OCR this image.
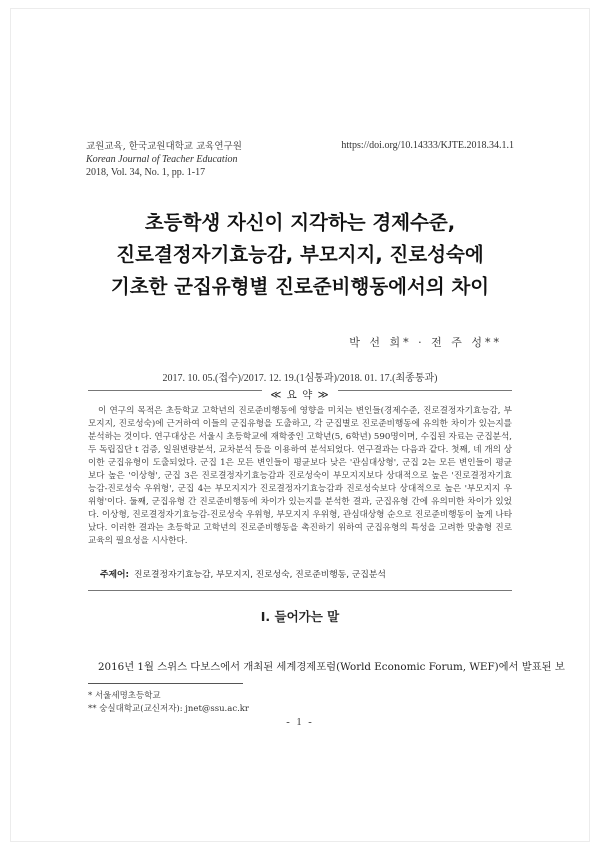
교원교육, 한국교원대학교 교육연구원
Korean Journal of Teacher Education
2018, Vol. 34, No. 1, pp. 1-17
https://doi.org/10.14333/KJTE.2018.34.1.1
초등학생 자신이 지각하는 경제수준,
진로결정자기효능감, 부모지지, 진로성숙에
기초한 군집유형별 진로준비행동에서의 차이
박 선 희* · 전 주 성**
2017. 10. 05.(접수)/2017. 12. 19.(1심통과)/2018. 01. 17.(최종통과)
≪ 요 약 ≫

이 연구의 목적은 초등학교 고학년의 진로준비행동에 영향을 미치는 변인들(경제수준, 진로결정자기효능감, 부모지지, 진로성숙)에 근거하여 이들의 군집유형을 도출하고, 각 군집별로 진로준비행동에 유의한 차이가 있는지를 분석하는 것이다. 연구대상은 서울시 초등학교에 재학중인 고학년(5, 6학년) 590명이며, 수집된 자료는 군집분석, 두 독립집단 t 검증, 일원변량분석, 교차분석 등을 이용하여 분석되었다. 연구결과는 다음과 같다. 첫째, 네 개의 상이한 군집유형이 도출되었다. 군집 1은 모든 변인들이 평균보다 낮은 '관심대상형', 군집 2는 모든 변인들이 평균보다 높은 '이상형', 군집 3은 진로결정자기효능감과 진로성숙이 부모지지보다 상대적으로 높은 '진로결정자기효능감-진로성숙 우위형', 군집 4는 부모지지가 진로결정자기효능감과 진로성숙보다 상대적으로 높은 '부모지지 우위형'이다. 둘째, 군집유형 간 진로준비행동에 차이가 있는지를 분석한 결과, 군집유형 간에 유의미한 차이가 있었다. 이상형, 진로결정자기효능감-진로성숙 우위형, 부모지지 우위형, 관심대상형 순으로 진로준비행동이 높게 나타났다. 이러한 결과는 초등학교 고학년의 진로준비행동을 촉진하기 위하여 군집유형의 특성을 고려한 맞춤형 진로교육의 필요성을 시사한다.

주제어: 진로결정자기효능감, 부모지지, 진로성숙, 진로준비행동, 군집분석
Ⅰ. 들어가는 말

2016년 1월 스위스 다보스에서 개최된 세계경제포럼(World Economic Forum, WEF)에서 발표된 보

* 서울세명초등학교
** 숭실대학교(교신저자): jnet@ssu.ac.kr
- 1 -
